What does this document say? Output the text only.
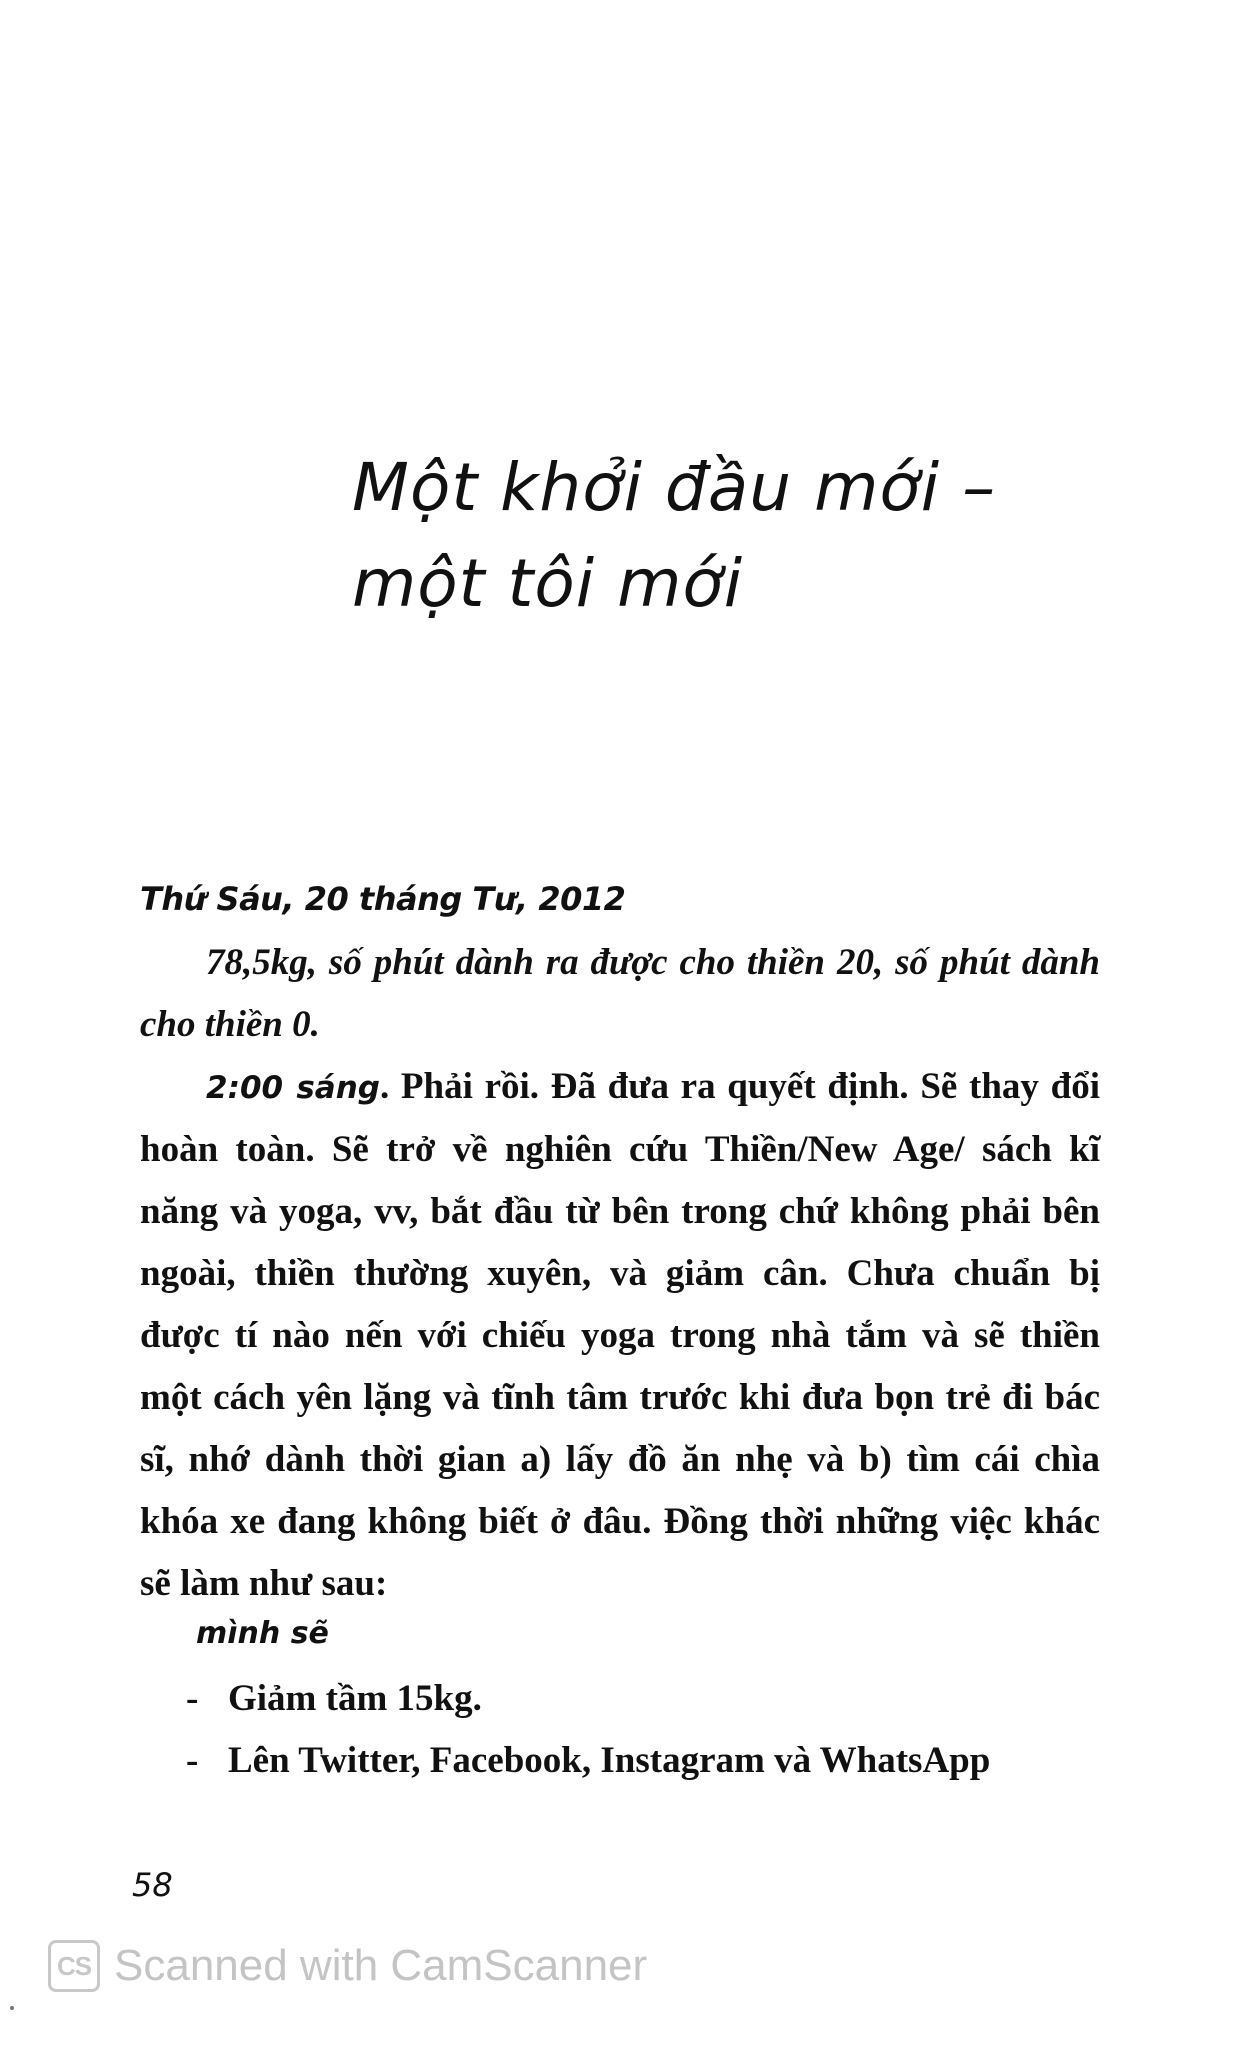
Một khởi đầu mới –
một tôi mới

Thứ Sáu, 20 tháng Tư, 2012

78,5kg, số phút dành ra được cho thiền 20, số phút dành cho thiền 0.

2:00 sáng. Phải rồi. Đã đưa ra quyết định. Sẽ thay đổi hoàn toàn. Sẽ trở về nghiên cứu Thiền/New Age/ sách kĩ năng và yoga, vv, bắt đầu từ bên trong chứ không phải bên ngoài, thiền thường xuyên, và giảm cân. Chưa chuẩn bị được tí nào nến với chiếu yoga trong nhà tắm và sẽ thiền một cách yên lặng và tĩnh tâm trước khi đưa bọn trẻ đi bác sĩ, nhớ dành thời gian a) lấy đồ ăn nhẹ và b) tìm cái chìa khóa xe đang không biết ở đâu. Đồng thời những việc khác sẽ làm như sau:

mình sẽ

- Giảm tầm 15kg.
- Lên Twitter, Facebook, Instagram và WhatsApp

58

CS Scanned with CamScanner
